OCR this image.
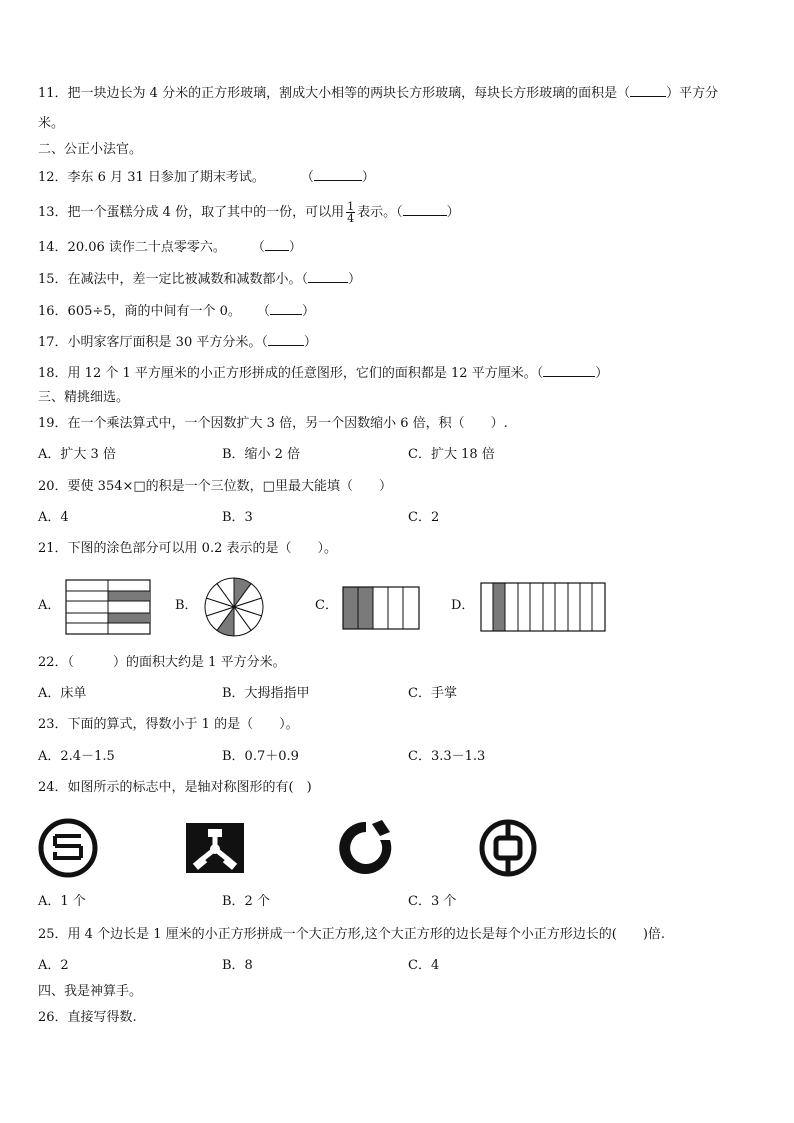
11．把一块边长为 4 分米的正方形玻璃，割成大小相等的两块长方形玻璃，每块长方形玻璃的面积是（	）平方分
米。
二、公正小法官。
12．李东 6 月 31 日参加了期末考试。	（	）
13．把一个蛋糕分成 4 份，取了其中的一份，可以用 $\frac{1}{4}$ 表示。（	）
14．20.06 读作二十点零零六。 （ ）
15．在减法中，差一定比被减数和减数都小。（	）
16．605÷5，商的中间有一个 0。 （ ）
17．小明家客厅面积是 30 平方分米。（	）
18．用 12 个 1 平方厘米的小正方形拼成的任意图形，它们的面积都是 12 平方厘米。（	）
三、精挑细选。
19．在一个乘法算式中，一个因数扩大 3 倍，另一个因数缩小 6 倍，积（　　）.
A．扩大 3 倍	B．缩小 2 倍	C．扩大 18 倍
20．要使 354×□的积是一个三位数，□里最大能填（　　）
A．4	B．3	C．2
21．下图的涂色部分可以用 0.2 表示的是（　　）。
A．	B．	C．	D．
22．（　　　）的面积大约是 1 平方分米。
A．床单	B．大拇指指甲	C．手掌
23．下面的算式，得数小于 1 的是（　　）。
A．2.4－1.5	B．0.7＋0.9	C．3.3－1.3
24．如图所示的标志中，是轴对称图形的有(　)
A．1 个	B．2 个	C．3 个
25．用 4 个边长是 1 厘米的小正方形拼成一个大正方形,这个大正方形的边长是每个小正方形边长的(　　)倍.
A．2	B．8	C．4
四、我是神算手。
26．直接写得数.
